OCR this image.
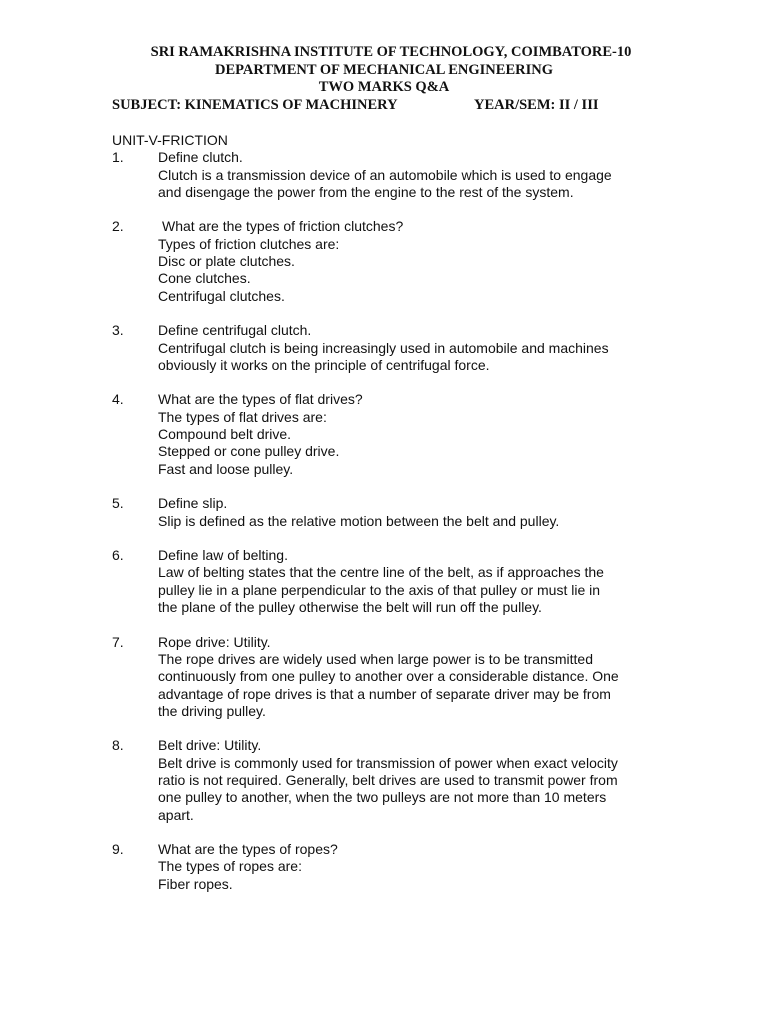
SRI RAMAKRISHNA INSTITUTE OF TECHNOLOGY, COIMBATORE-10
DEPARTMENT OF MECHANICAL ENGINEERING
TWO MARKS Q&A
SUBJECT: KINEMATICS OF MACHINERY	YEAR/SEM: II / III
UNIT-V-FRICTION
1. Define clutch.
Clutch is a transmission device of an automobile which is used to engage
and disengage the power from the engine to the rest of the system.
2.	What are the types of friction clutches?
Types of friction clutches are:
Disc or plate clutches.
Cone clutches.
Centrifugal clutches.
3. Define centrifugal clutch.
Centrifugal clutch is being increasingly used in automobile and machines
obviously it works on the principle of centrifugal force.
4. What are the types of flat drives?
The types of flat drives are:
Compound belt drive.
Stepped or cone pulley drive.
Fast and loose pulley.
5. Define slip.
Slip is defined as the relative motion between the belt and pulley.
6. Define law of belting.
Law of belting states that the centre line of the belt, as if approaches the
pulley lie in a plane perpendicular to the axis of that pulley or must lie in
the plane of the pulley otherwise the belt will run off the pulley.
7. Rope drive: Utility.
The rope drives are widely used when large power is to be transmitted
continuously from one pulley to another over a considerable distance. One
advantage of rope drives is that a number of separate driver may be from
the driving pulley.
8. Belt drive: Utility.
Belt drive is commonly used for transmission of power when exact velocity
ratio is not required. Generally, belt drives are used to transmit power from
one pulley to another, when the two pulleys are not more than 10 meters
apart.
9. What are the types of ropes?
The types of ropes are:
Fiber ropes.
